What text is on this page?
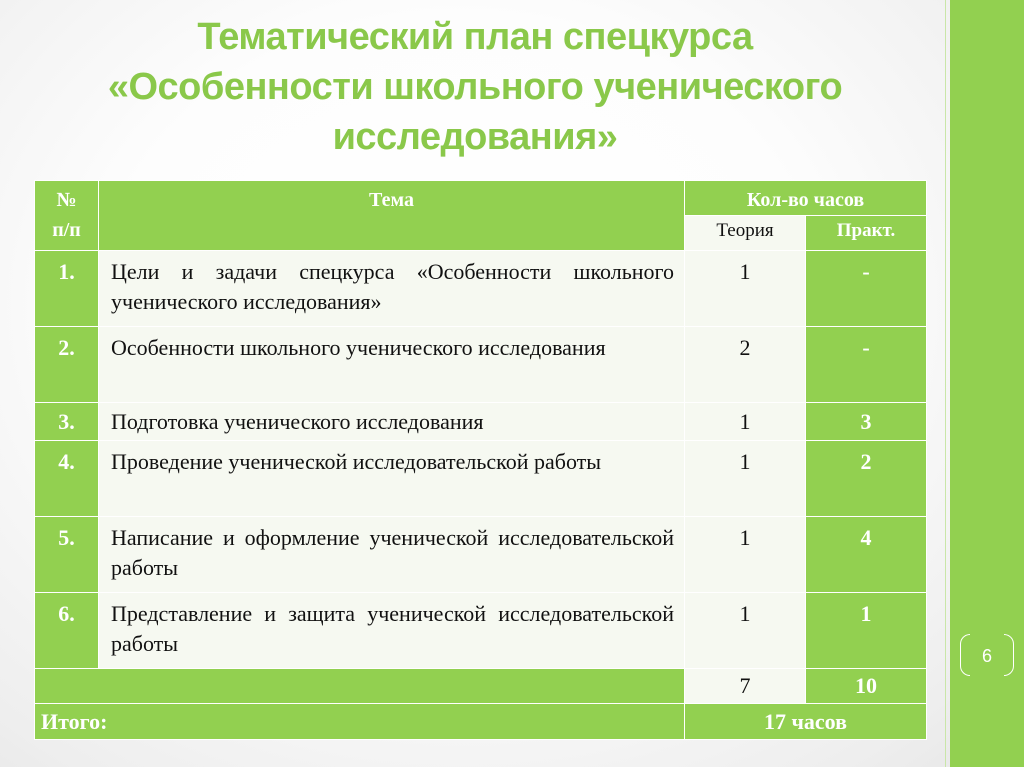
6
Тематический план спецкурса
«Особенности школьного ученического
исследования»
№
п/п	Тема	Кол-во часов	
		Теория	Практ.
1.	Цели и задачи спецкурса «Особенности школьного ученического исследования»	1	-
2.	Особенности школьного ученического исследования	2	-
3.	Подготовка ученического исследования	1	3
4.	Проведение ученической исследовательской работы	1	2
5.	Написание и оформление ученической исследовательской работы	1	4
6.	Представление и защита ученической исследовательской работы	1	1
		7	10
Итого:		17 часов	
